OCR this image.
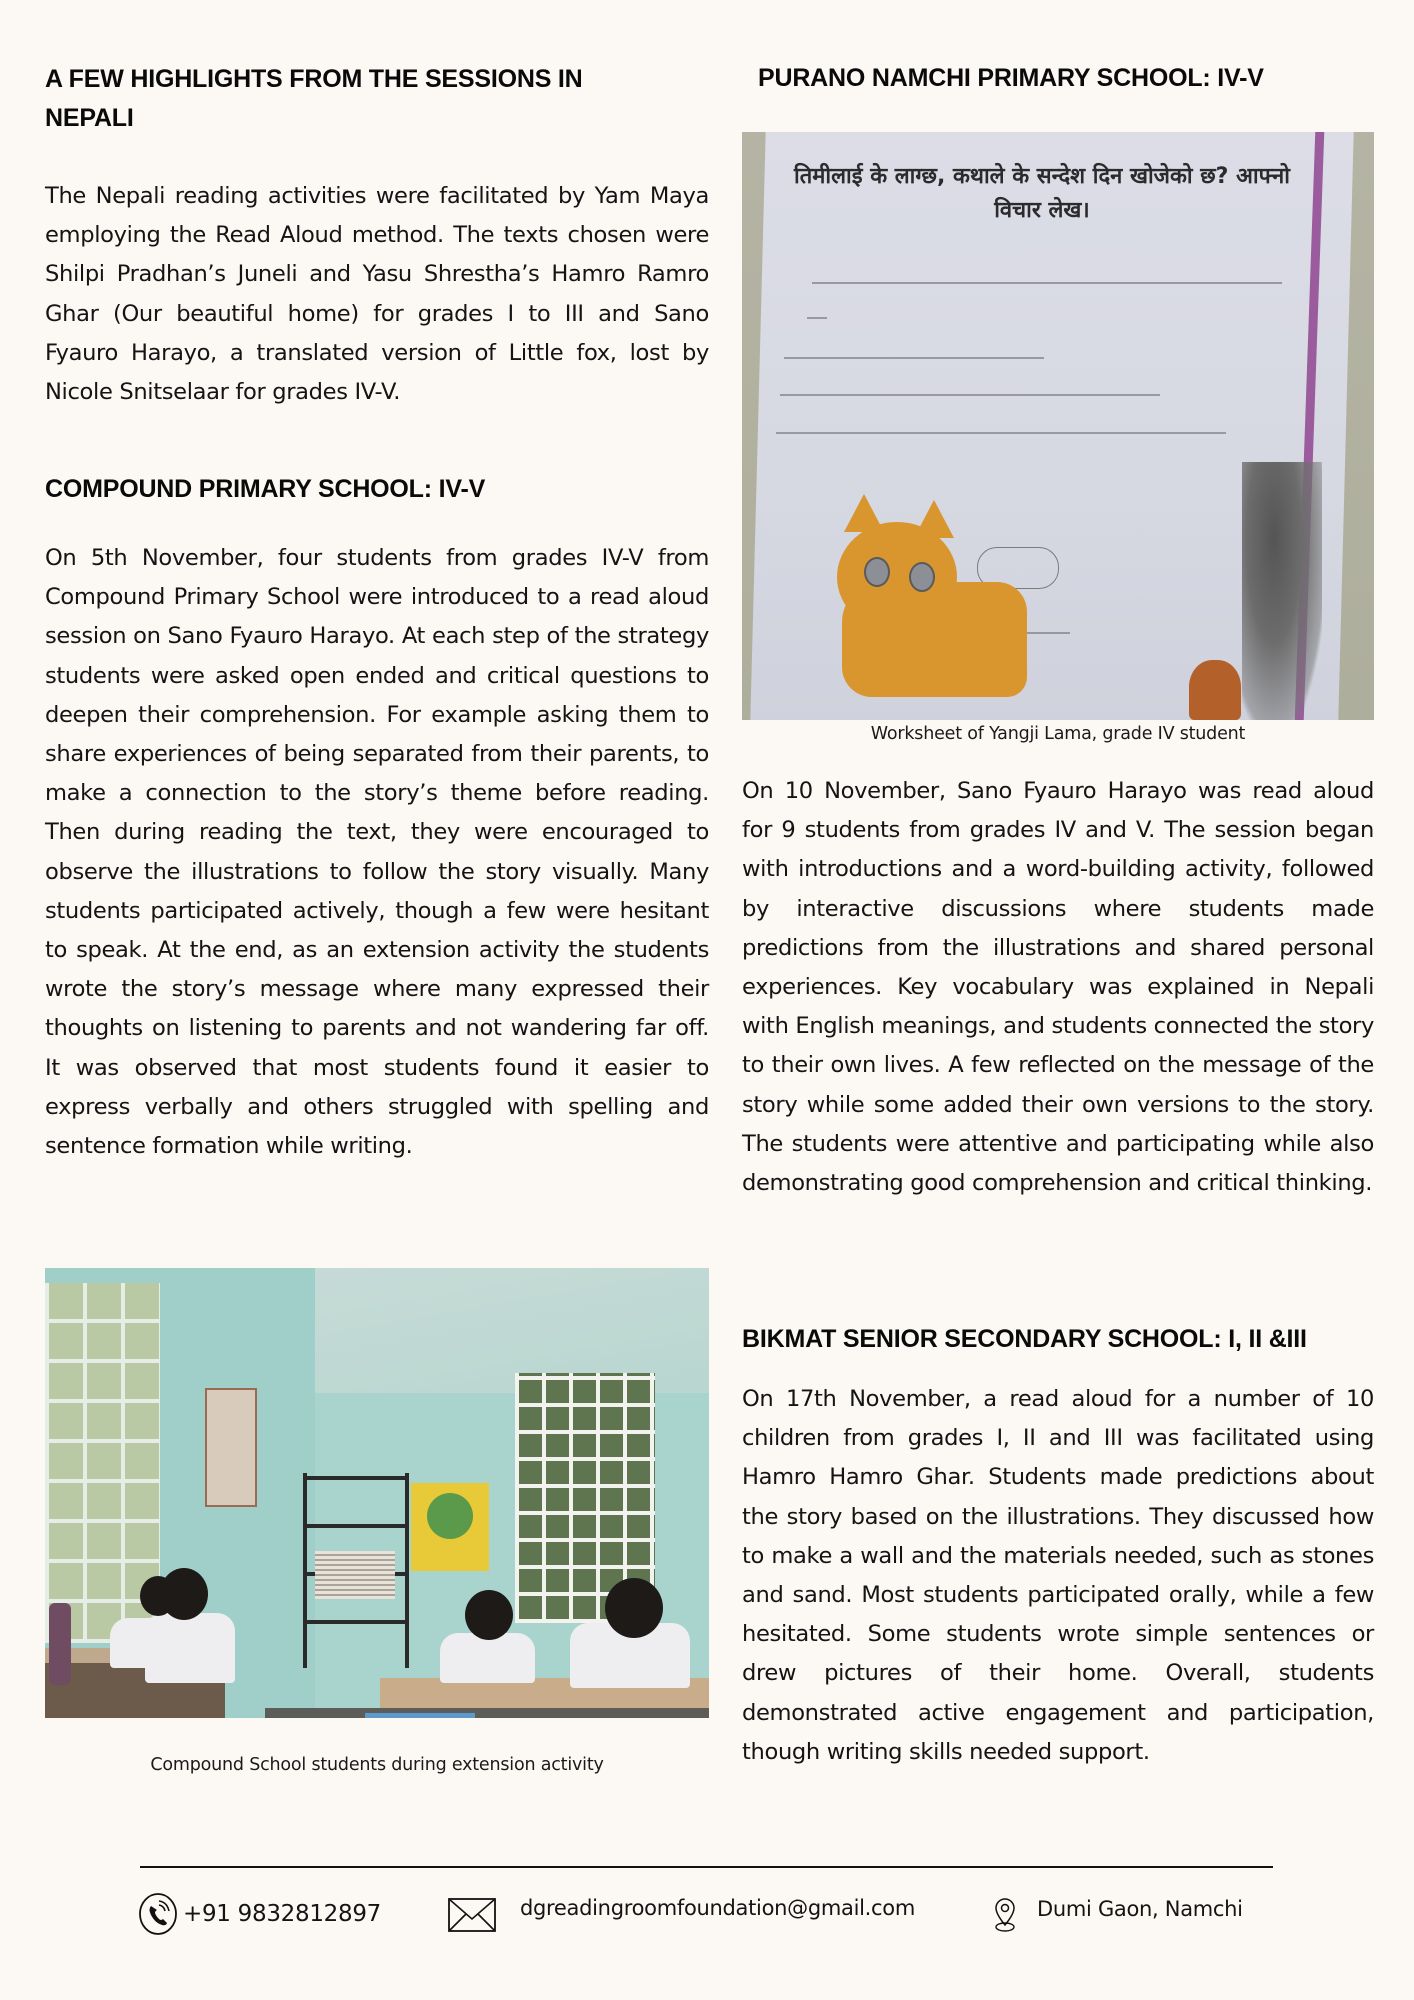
A FEW HIGHLIGHTS FROM THE SESSIONS IN NEPALI

The Nepali reading activities were facilitated by Yam Maya employing the Read Aloud method. The texts chosen were Shilpi Pradhan’s Juneli and Yasu Shrestha’s Hamro Ramro Ghar (Our beautiful home) for grades I to III and Sano Fyauro Harayo, a translated version of Little fox, lost by Nicole Snitselaar for grades IV-V.

COMPOUND PRIMARY SCHOOL: IV-V

On 5th November, four students from grades IV-V from Compound Primary School were introduced to a read aloud session on Sano Fyauro Harayo. At each step of the strategy students were asked open ended and critical questions to deepen their comprehension. For example asking them to share experiences of being separated from their parents, to make a connection to the story’s theme before reading. Then during reading the text, they were encouraged to observe the illustrations to follow the story visually. Many students participated actively, though a few were hesitant to speak. At the end, as an extension activity the students wrote the story’s message where many expressed their thoughts on listening to parents and not wandering far off. It was observed that most students found it easier to express verbally and others struggled with spelling and sentence formation while writing.

Compound School students during extension activity
PURANO NAMCHI PRIMARY SCHOOL: IV-V
तिमीलाई के लाग्छ, कथाले के सन्देश दिन खोजेको छ? आफ्नो विचार लेख।
Worksheet of Yangji Lama, grade IV student

On 10 November, Sano Fyauro Harayo was read aloud for 9 students from grades IV and V. The session began with introductions and a word-building activity, followed by interactive discussions where students made predictions from the illustrations and shared personal experiences. Key vocabulary was explained in Nepali with English meanings, and students connected the story to their own lives. A few reflected on the message of the story while some added their own versions to the story. The students were attentive and participating while also demonstrating good comprehension and critical thinking.

BIKMAT SENIOR SECONDARY SCHOOL: I, II &III

On 17th November, a read aloud for a number of 10 children from grades I, II and III was facilitated using Hamro Hamro Ghar. Students made predictions about the story based on the illustrations. They discussed how to make a wall and the materials needed, such as stones and sand. Most students participated orally, while a few hesitated. Some students wrote simple sentences or drew pictures of their home. Overall, students demonstrated active engagement and participation, though writing skills needed support.

+91 9832812897	dgreadingroomfoundation@gmail.com	Dumi Gaon, Namchi
